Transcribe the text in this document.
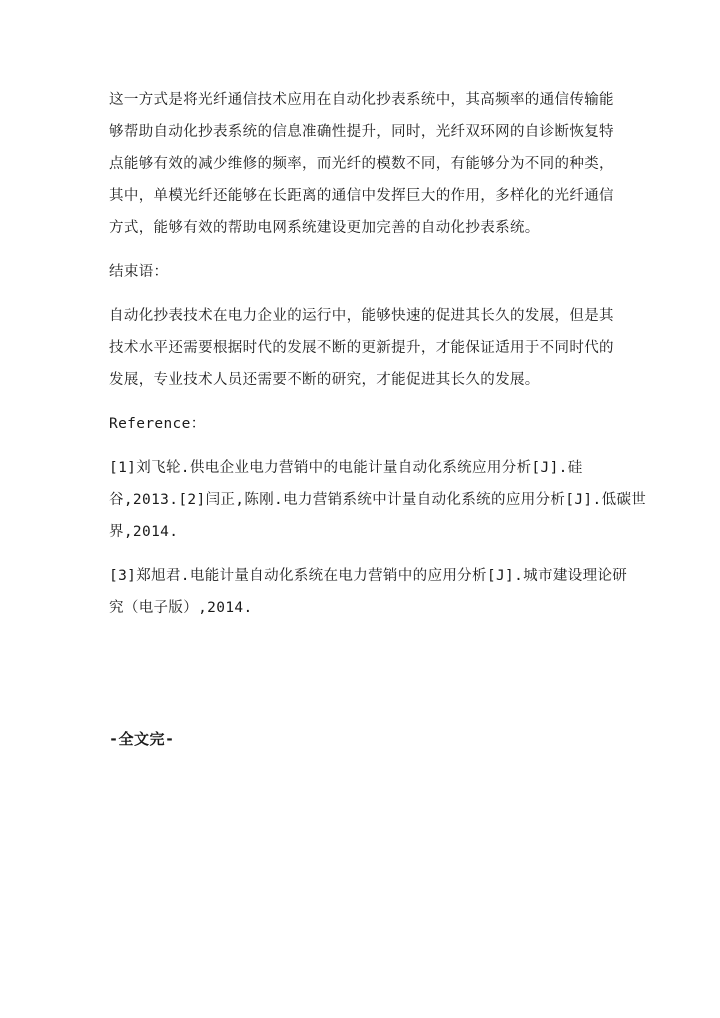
这一方式是将光纤通信技术应用在自动化抄表系统中，其高频率的通信传输能
够帮助自动化抄表系统的信息准确性提升，同时，光纤双环网的自诊断恢复特
点能够有效的减少维修的频率，而光纤的模数不同，有能够分为不同的种类，
其中，单模光纤还能够在长距离的通信中发挥巨大的作用，多样化的光纤通信
方式，能够有效的帮助电网系统建设更加完善的自动化抄表系统。
结束语：
自动化抄表技术在电力企业的运行中，能够快速的促进其长久的发展，但是其
技术水平还需要根据时代的发展不断的更新提升，才能保证适用于不同时代的
发展，专业技术人员还需要不断的研究，才能促进其长久的发展。
Reference：
[1]刘飞轮.供电企业电力营销中的电能计量自动化系统应用分析[J].硅
谷,2013.[2]闫正,陈刚.电力营销系统中计量自动化系统的应用分析[J].低碳世
界,2014.
[3]郑旭君.电能计量自动化系统在电力营销中的应用分析[J].城市建设理论研
究（电子版）,2014.
-全文完-
